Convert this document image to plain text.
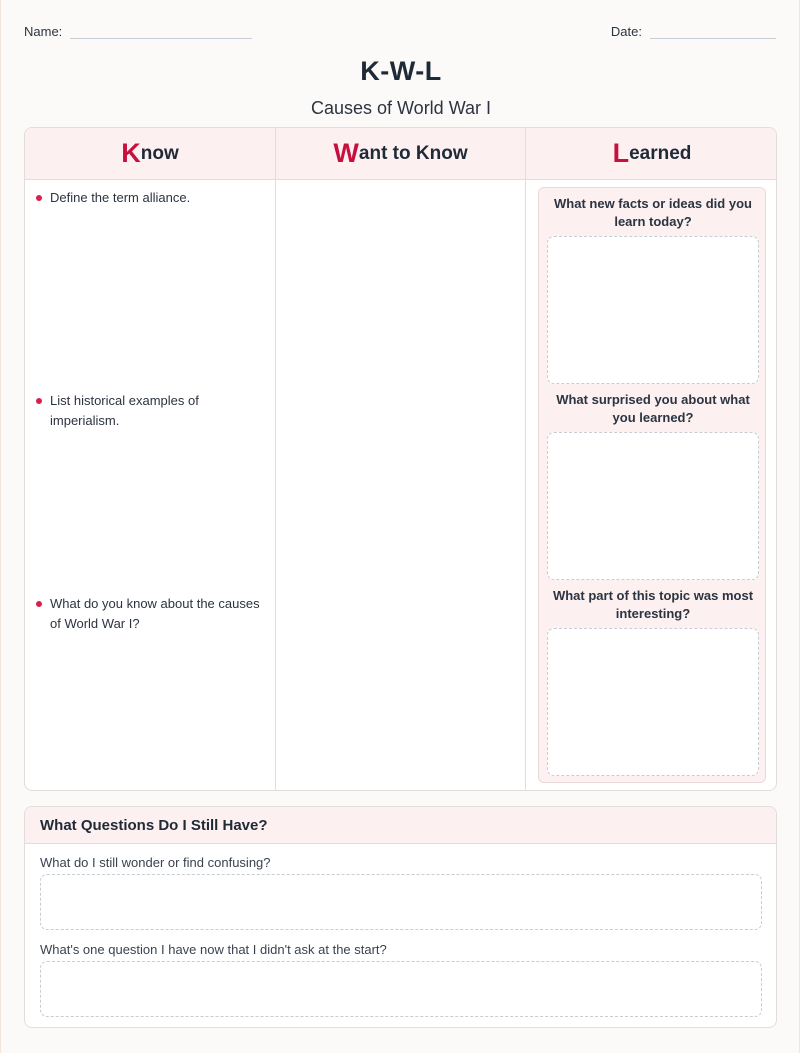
Name:	Date:
K-W-L
Causes of World War I
K now
Define the term alliance.
List historical examples of imperialism.
What do you know about the causes of World War I?
W ant to Know	L earned
What new facts or ideas did you learn today?
What surprised you about what you learned?
What part of this topic was most interesting?
What Questions Do I Still Have?
What do I still wonder or find confusing?
What's one question I have now that I didn't ask at the start?
